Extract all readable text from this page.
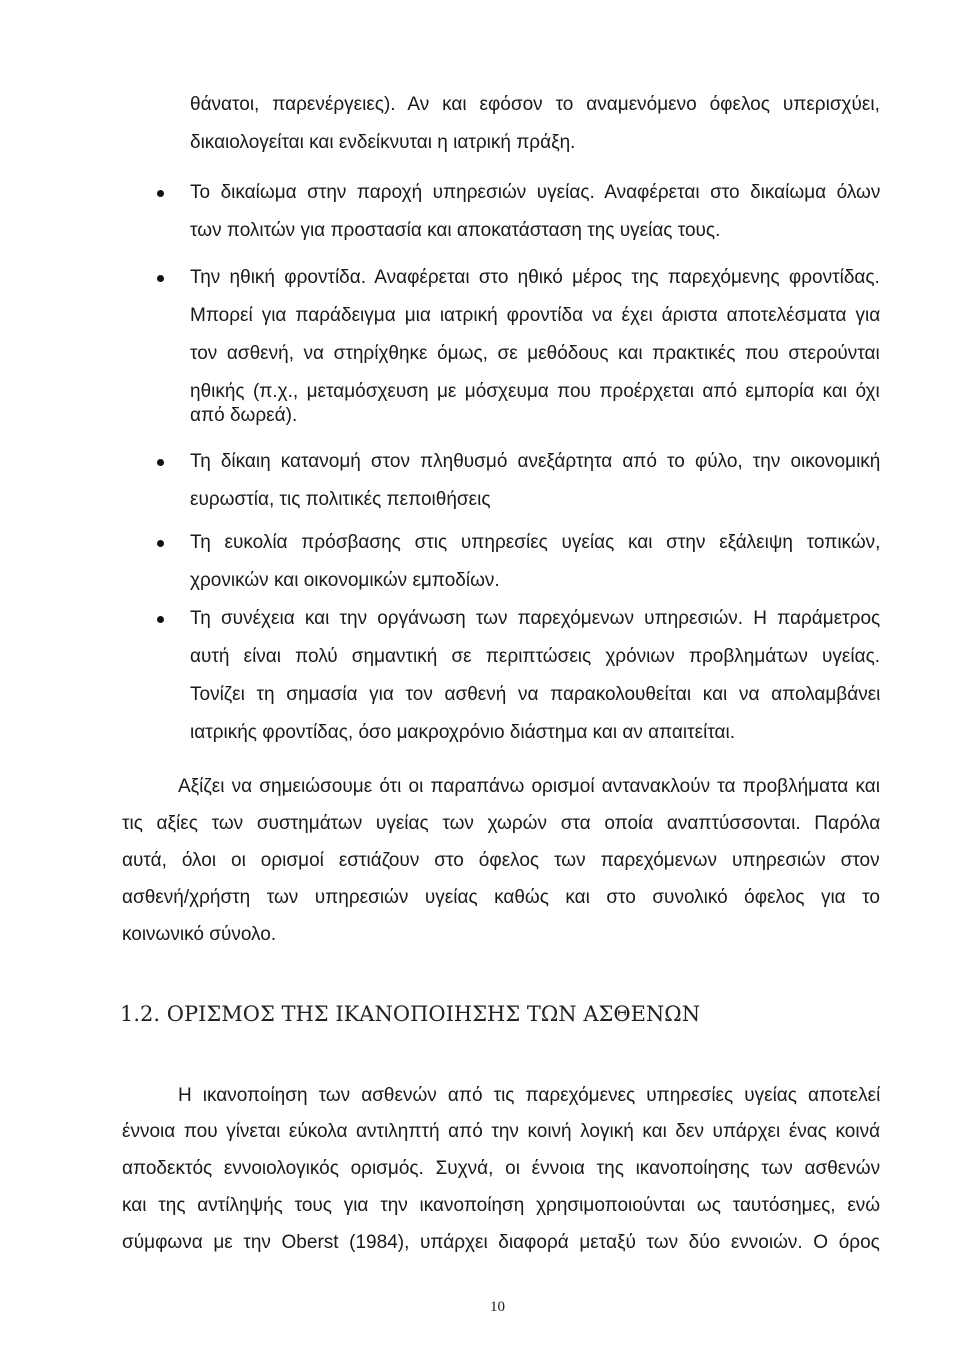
θάνατοι, παρενέργειες). Αν και εφόσον το αναμενόμενο όφελος υπερισχύει,
δικαιολογείται και ενδείκνυται η ιατρική πράξη.
Το δικαίωμα στην παροχή υπηρεσιών υγείας. Αναφέρεται στο δικαίωμα όλων
των πολιτών για προστασία και αποκατάσταση της υγείας τους.
Την ηθική φροντίδα. Αναφέρεται στο ηθικό μέρος της παρεχόμενης φροντίδας.
Μπορεί για παράδειγμα μια ιατρική φροντίδα να έχει άριστα αποτελέσματα για
τον ασθενή, να στηρίχθηκε όμως, σε μεθόδους και πρακτικές που στερούνται
ηθικής (π.χ., μεταμόσχευση με μόσχευμα που προέρχεται από εμπορία και όχι
από δωρεά).
Τη δίκαιη κατανομή στον πληθυσμό ανεξάρτητα από το φύλο, την οικονομική
ευρωστία, τις πολιτικές πεποιθήσεις
Τη ευκολία πρόσβασης στις υπηρεσίες υγείας και στην εξάλειψη τοπικών,
χρονικών και οικονομικών εμποδίων.
Τη συνέχεια και την οργάνωση των παρεχόμενων υπηρεσιών. Η παράμετρος
αυτή είναι πολύ σημαντική σε περιπτώσεις χρόνιων προβλημάτων υγείας.
Τονίζει τη σημασία για τον ασθενή να παρακολουθείται και να απολαμβάνει
ιατρικής φροντίδας, όσο μακροχρόνιο διάστημα και αν απαιτείται.
Αξίζει να σημειώσουμε ότι οι παραπάνω ορισμοί αντανακλούν τα προβλήματα και
τις αξίες των συστημάτων υγείας των χωρών στα οποία αναπτύσσονται. Παρόλα
αυτά, όλοι οι ορισμοί εστιάζουν στο όφελος των παρεχόμενων υπηρεσιών στον
ασθενή/χρήστη των υπηρεσιών υγείας καθώς και στο συνολικό όφελος για το
κοινωνικό σύνολο.
1.2. ΟΡΙΣΜΟΣ ΤΗΣ ΙΚΑΝΟΠΟΙΗΣΗΣ ΤΩΝ ΑΣΘΕΝΩΝ
Η ικανοποίηση των ασθενών από τις παρεχόμενες υπηρεσίες υγείας αποτελεί
έννοια που γίνεται εύκολα αντιληπτή από την κοινή λογική και δεν υπάρχει ένας κοινά
αποδεκτός εννοιολογικός ορισμός. Συχνά, οι έννοια της ικανοποίησης των ασθενών
και της αντίληψής τους για την ικανοποίηση χρησιμοποιούνται ως ταυτόσημες, ενώ
σύμφωνα με την Oberst (1984), υπάρχει διαφορά μεταξύ των δύο εννοιών. Ο όρος
10
